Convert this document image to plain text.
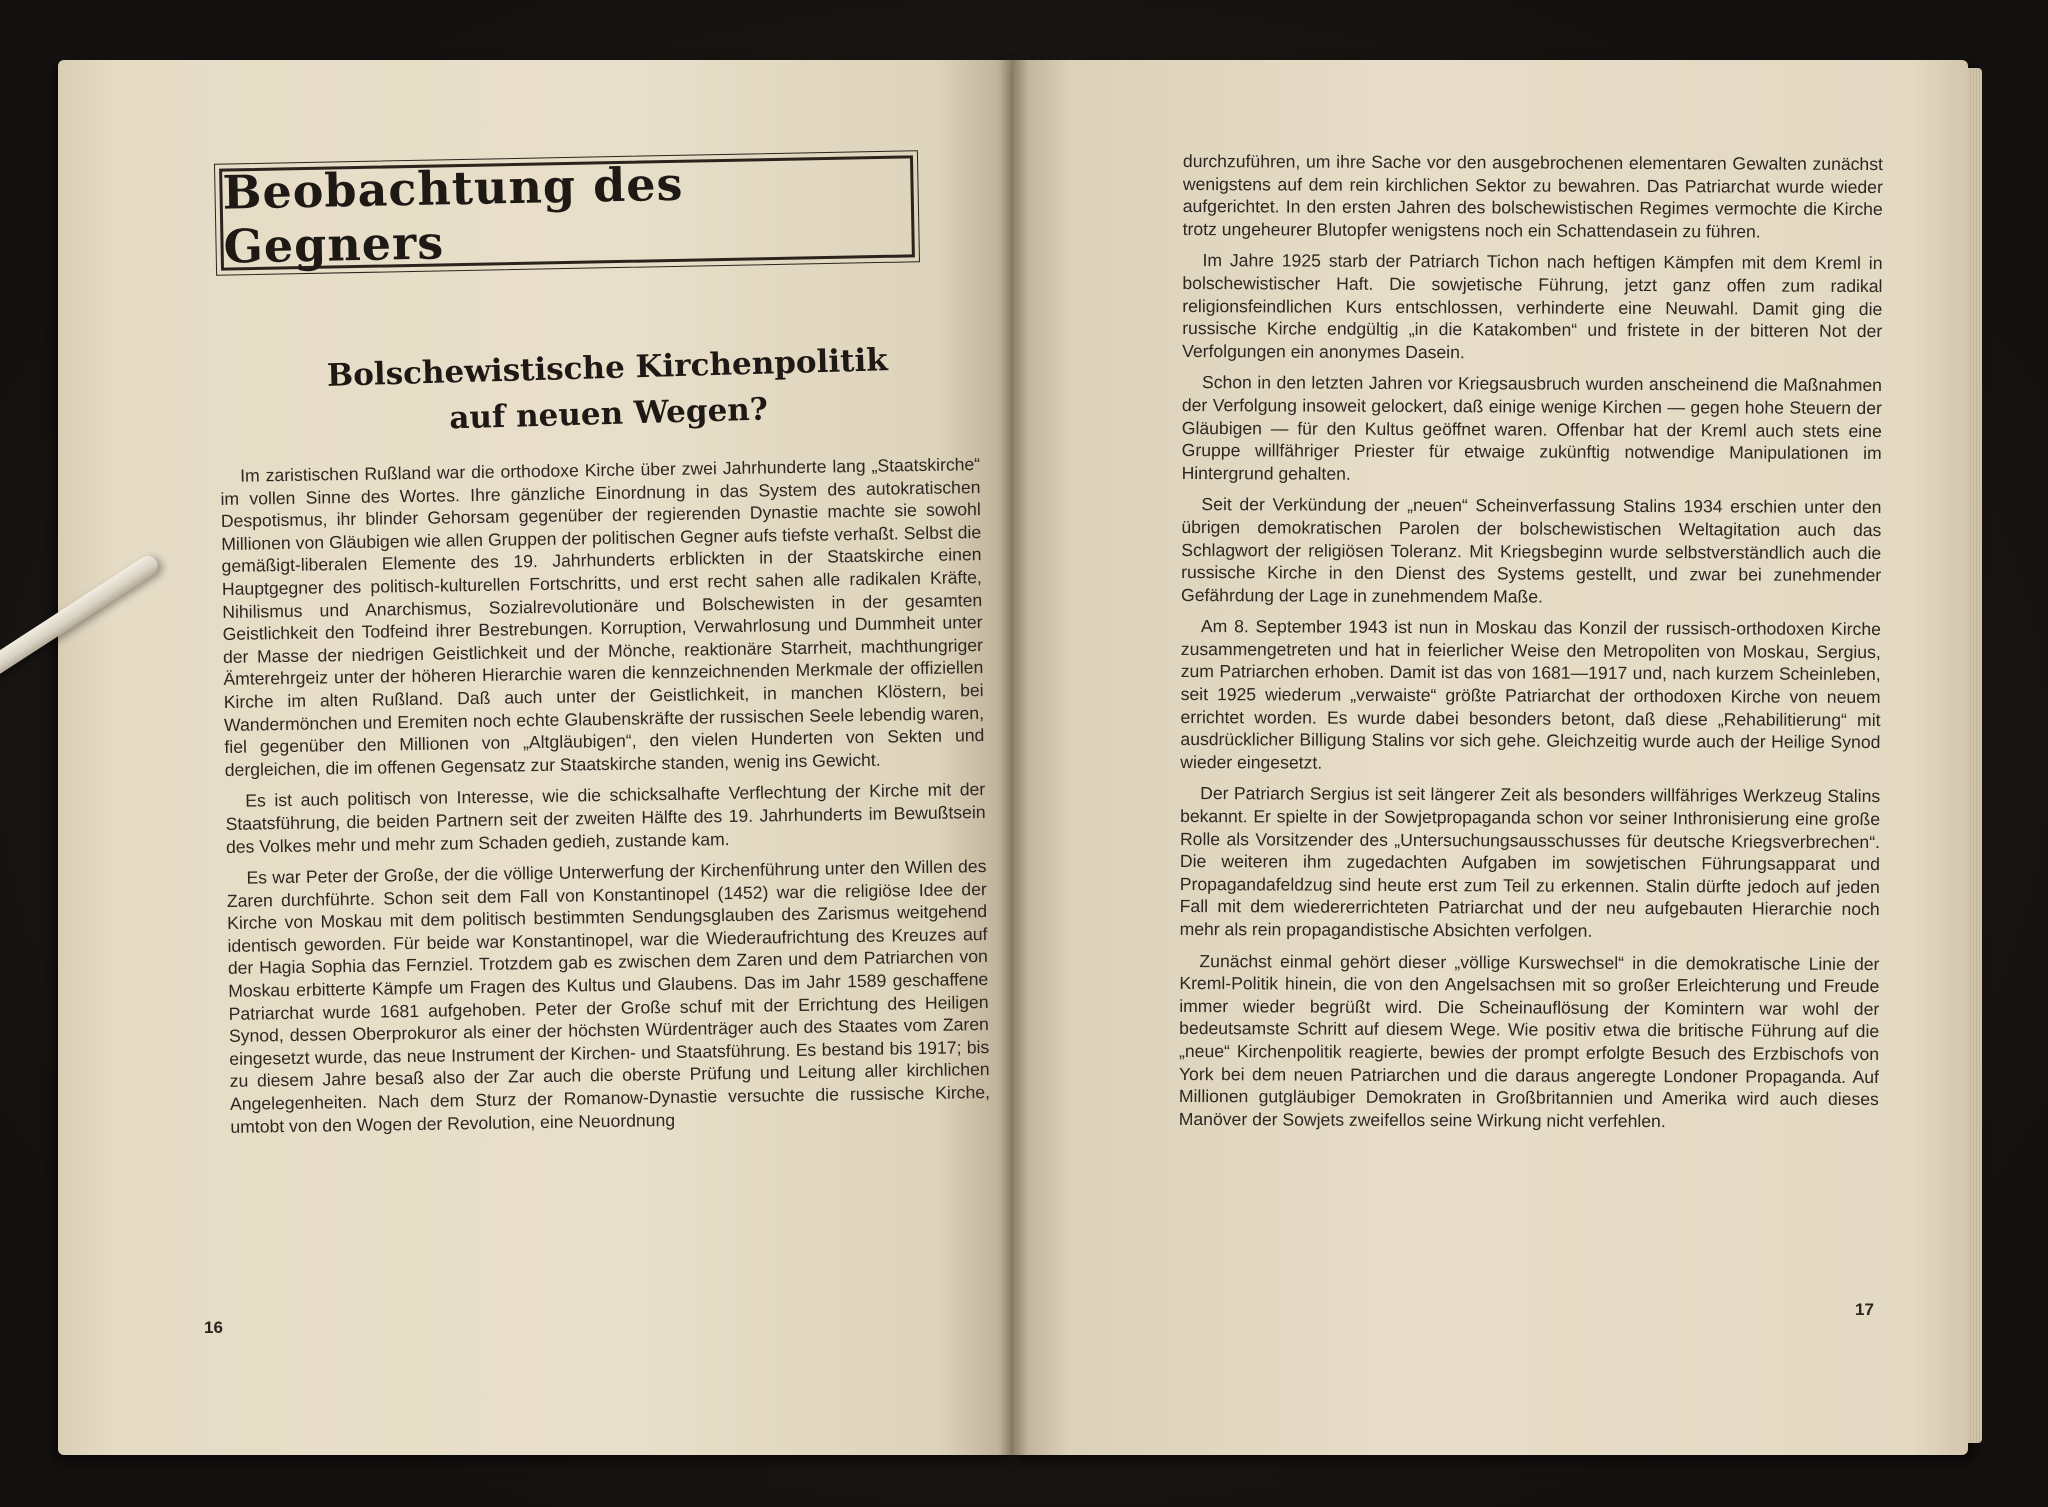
Beobachtung des Gegners
Bolschewistische Kirchenpolitik
auf neuen Wegen?

Im zaristischen Rußland war die orthodoxe Kirche über zwei Jahrhunderte lang „Staatskirche“ im vollen Sinne des Wortes. Ihre gänzliche Einordnung in das System des autokratischen Despotismus, ihr blinder Gehorsam gegenüber der regierenden Dynastie machte sie sowohl Millionen von Gläubigen wie allen Gruppen der politischen Gegner aufs tiefste verhaßt. Selbst die gemäßigt-liberalen Elemente des 19. Jahrhunderts erblickten in der Staatskirche einen Hauptgegner des politisch-kulturellen Fortschritts, und erst recht sahen alle radikalen Kräfte, Nihilismus und Anarchismus, Sozialrevolutionäre und Bolschewisten in der gesamten Geistlichkeit den Todfeind ihrer Bestrebungen. Korruption, Verwahrlosung und Dummheit unter der Masse der niedrigen Geistlichkeit und der Mönche, reaktionäre Starrheit, machthungriger Ämterehrgeiz unter der höheren Hierarchie waren die kennzeichnenden Merkmale der offiziellen Kirche im alten Rußland. Daß auch unter der Geistlichkeit, in manchen Klöstern, bei Wandermönchen und Eremiten noch echte Glaubenskräfte der russischen Seele lebendig waren, fiel gegenüber den Millionen von „Altgläubigen“, den vielen Hunderten von Sekten und dergleichen, die im offenen Gegensatz zur Staatskirche standen, wenig ins Gewicht.

Es ist auch politisch von Interesse, wie die schicksalhafte Verflechtung der Kirche mit der Staatsführung, die beiden Partnern seit der zweiten Hälfte des 19. Jahrhunderts im Bewußtsein des Volkes mehr und mehr zum Schaden gedieh, zustande kam.

Es war Peter der Große, der die völlige Unterwerfung der Kirchenführung unter den Willen des Zaren durchführte. Schon seit dem Fall von Konstantinopel (1452) war die religiöse Idee der Kirche von Moskau mit dem politisch bestimmten Sendungsglauben des Zarismus weitgehend identisch geworden. Für beide war Konstantinopel, war die Wiederaufrichtung des Kreuzes auf der Hagia Sophia das Fernziel. Trotzdem gab es zwischen dem Zaren und dem Patriarchen von Moskau erbitterte Kämpfe um Fragen des Kultus und Glaubens. Das im Jahr 1589 geschaffene Patriarchat wurde 1681 aufgehoben. Peter der Große schuf mit der Errichtung des Heiligen Synod, dessen Oberprokuror als einer der höchsten Würdenträger auch des Staates vom Zaren eingesetzt wurde, das neue Instrument der Kirchen- und Staatsführung. Es bestand bis 1917; bis zu diesem Jahre besaß also der Zar auch die oberste Prüfung und Leitung aller kirchlichen Angelegenheiten. Nach dem Sturz der Romanow-Dynastie versuchte die russische Kirche, umtobt von den Wogen der Revolution, eine Neuordnung

16

durchzuführen, um ihre Sache vor den ausgebrochenen elementaren Gewalten zunächst wenigstens auf dem rein kirchlichen Sektor zu bewahren. Das Patriarchat wurde wieder aufgerichtet. In den ersten Jahren des bolschewistischen Regimes vermochte die Kirche trotz ungeheurer Blutopfer wenigstens noch ein Schattendasein zu führen.

Im Jahre 1925 starb der Patriarch Tichon nach heftigen Kämpfen mit dem Kreml in bolschewistischer Haft. Die sowjetische Führung, jetzt ganz offen zum radikal religionsfeindlichen Kurs entschlossen, verhinderte eine Neuwahl. Damit ging die russische Kirche endgültig „in die Katakomben“ und fristete in der bitteren Not der Verfolgungen ein anonymes Dasein.

Schon in den letzten Jahren vor Kriegsausbruch wurden anscheinend die Maßnahmen der Verfolgung insoweit gelockert, daß einige wenige Kirchen — gegen hohe Steuern der Gläubigen — für den Kultus geöffnet waren. Offenbar hat der Kreml auch stets eine Gruppe willfähriger Priester für etwaige zukünftig notwendige Manipulationen im Hintergrund gehalten.

Seit der Verkündung der „neuen“ Scheinverfassung Stalins 1934 erschien unter den übrigen demokratischen Parolen der bolschewistischen Weltagitation auch das Schlagwort der religiösen Toleranz. Mit Kriegsbeginn wurde selbstverständlich auch die russische Kirche in den Dienst des Systems gestellt, und zwar bei zunehmender Gefährdung der Lage in zunehmendem Maße.

Am 8. September 1943 ist nun in Moskau das Konzil der russisch-orthodoxen Kirche zusammengetreten und hat in feierlicher Weise den Metropoliten von Moskau, Sergius, zum Patriarchen erhoben. Damit ist das von 1681—1917 und, nach kurzem Scheinleben, seit 1925 wiederum „verwaiste“ größte Patriarchat der orthodoxen Kirche von neuem errichtet worden. Es wurde dabei besonders betont, daß diese „Rehabilitierung“ mit ausdrücklicher Billigung Stalins vor sich gehe. Gleichzeitig wurde auch der Heilige Synod wieder eingesetzt.

Der Patriarch Sergius ist seit längerer Zeit als besonders willfähriges Werkzeug Stalins bekannt. Er spielte in der Sowjetpropaganda schon vor seiner Inthronisierung eine große Rolle als Vorsitzender des „Untersuchungsausschusses für deutsche Kriegsverbrechen“. Die weiteren ihm zugedachten Aufgaben im sowjetischen Führungsapparat und Propagandafeldzug sind heute erst zum Teil zu erkennen. Stalin dürfte jedoch auf jeden Fall mit dem wiedererrichteten Patriarchat und der neu aufgebauten Hierarchie noch mehr als rein propagandistische Absichten verfolgen.

Zunächst einmal gehört dieser „völlige Kurswechsel“ in die demokratische Linie der Kreml-Politik hinein, die von den Angelsachsen mit so großer Erleichterung und Freude immer wieder begrüßt wird. Die Scheinauflösung der Komintern war wohl der bedeutsamste Schritt auf diesem Wege. Wie positiv etwa die britische Führung auf die „neue“ Kirchenpolitik reagierte, bewies der prompt erfolgte Besuch des Erzbischofs von York bei dem neuen Patriarchen und die daraus angeregte Londoner Propaganda. Auf Millionen gutgläubiger Demokraten in Großbritannien und Amerika wird auch dieses Manöver der Sowjets zweifellos seine Wirkung nicht verfehlen.

17
